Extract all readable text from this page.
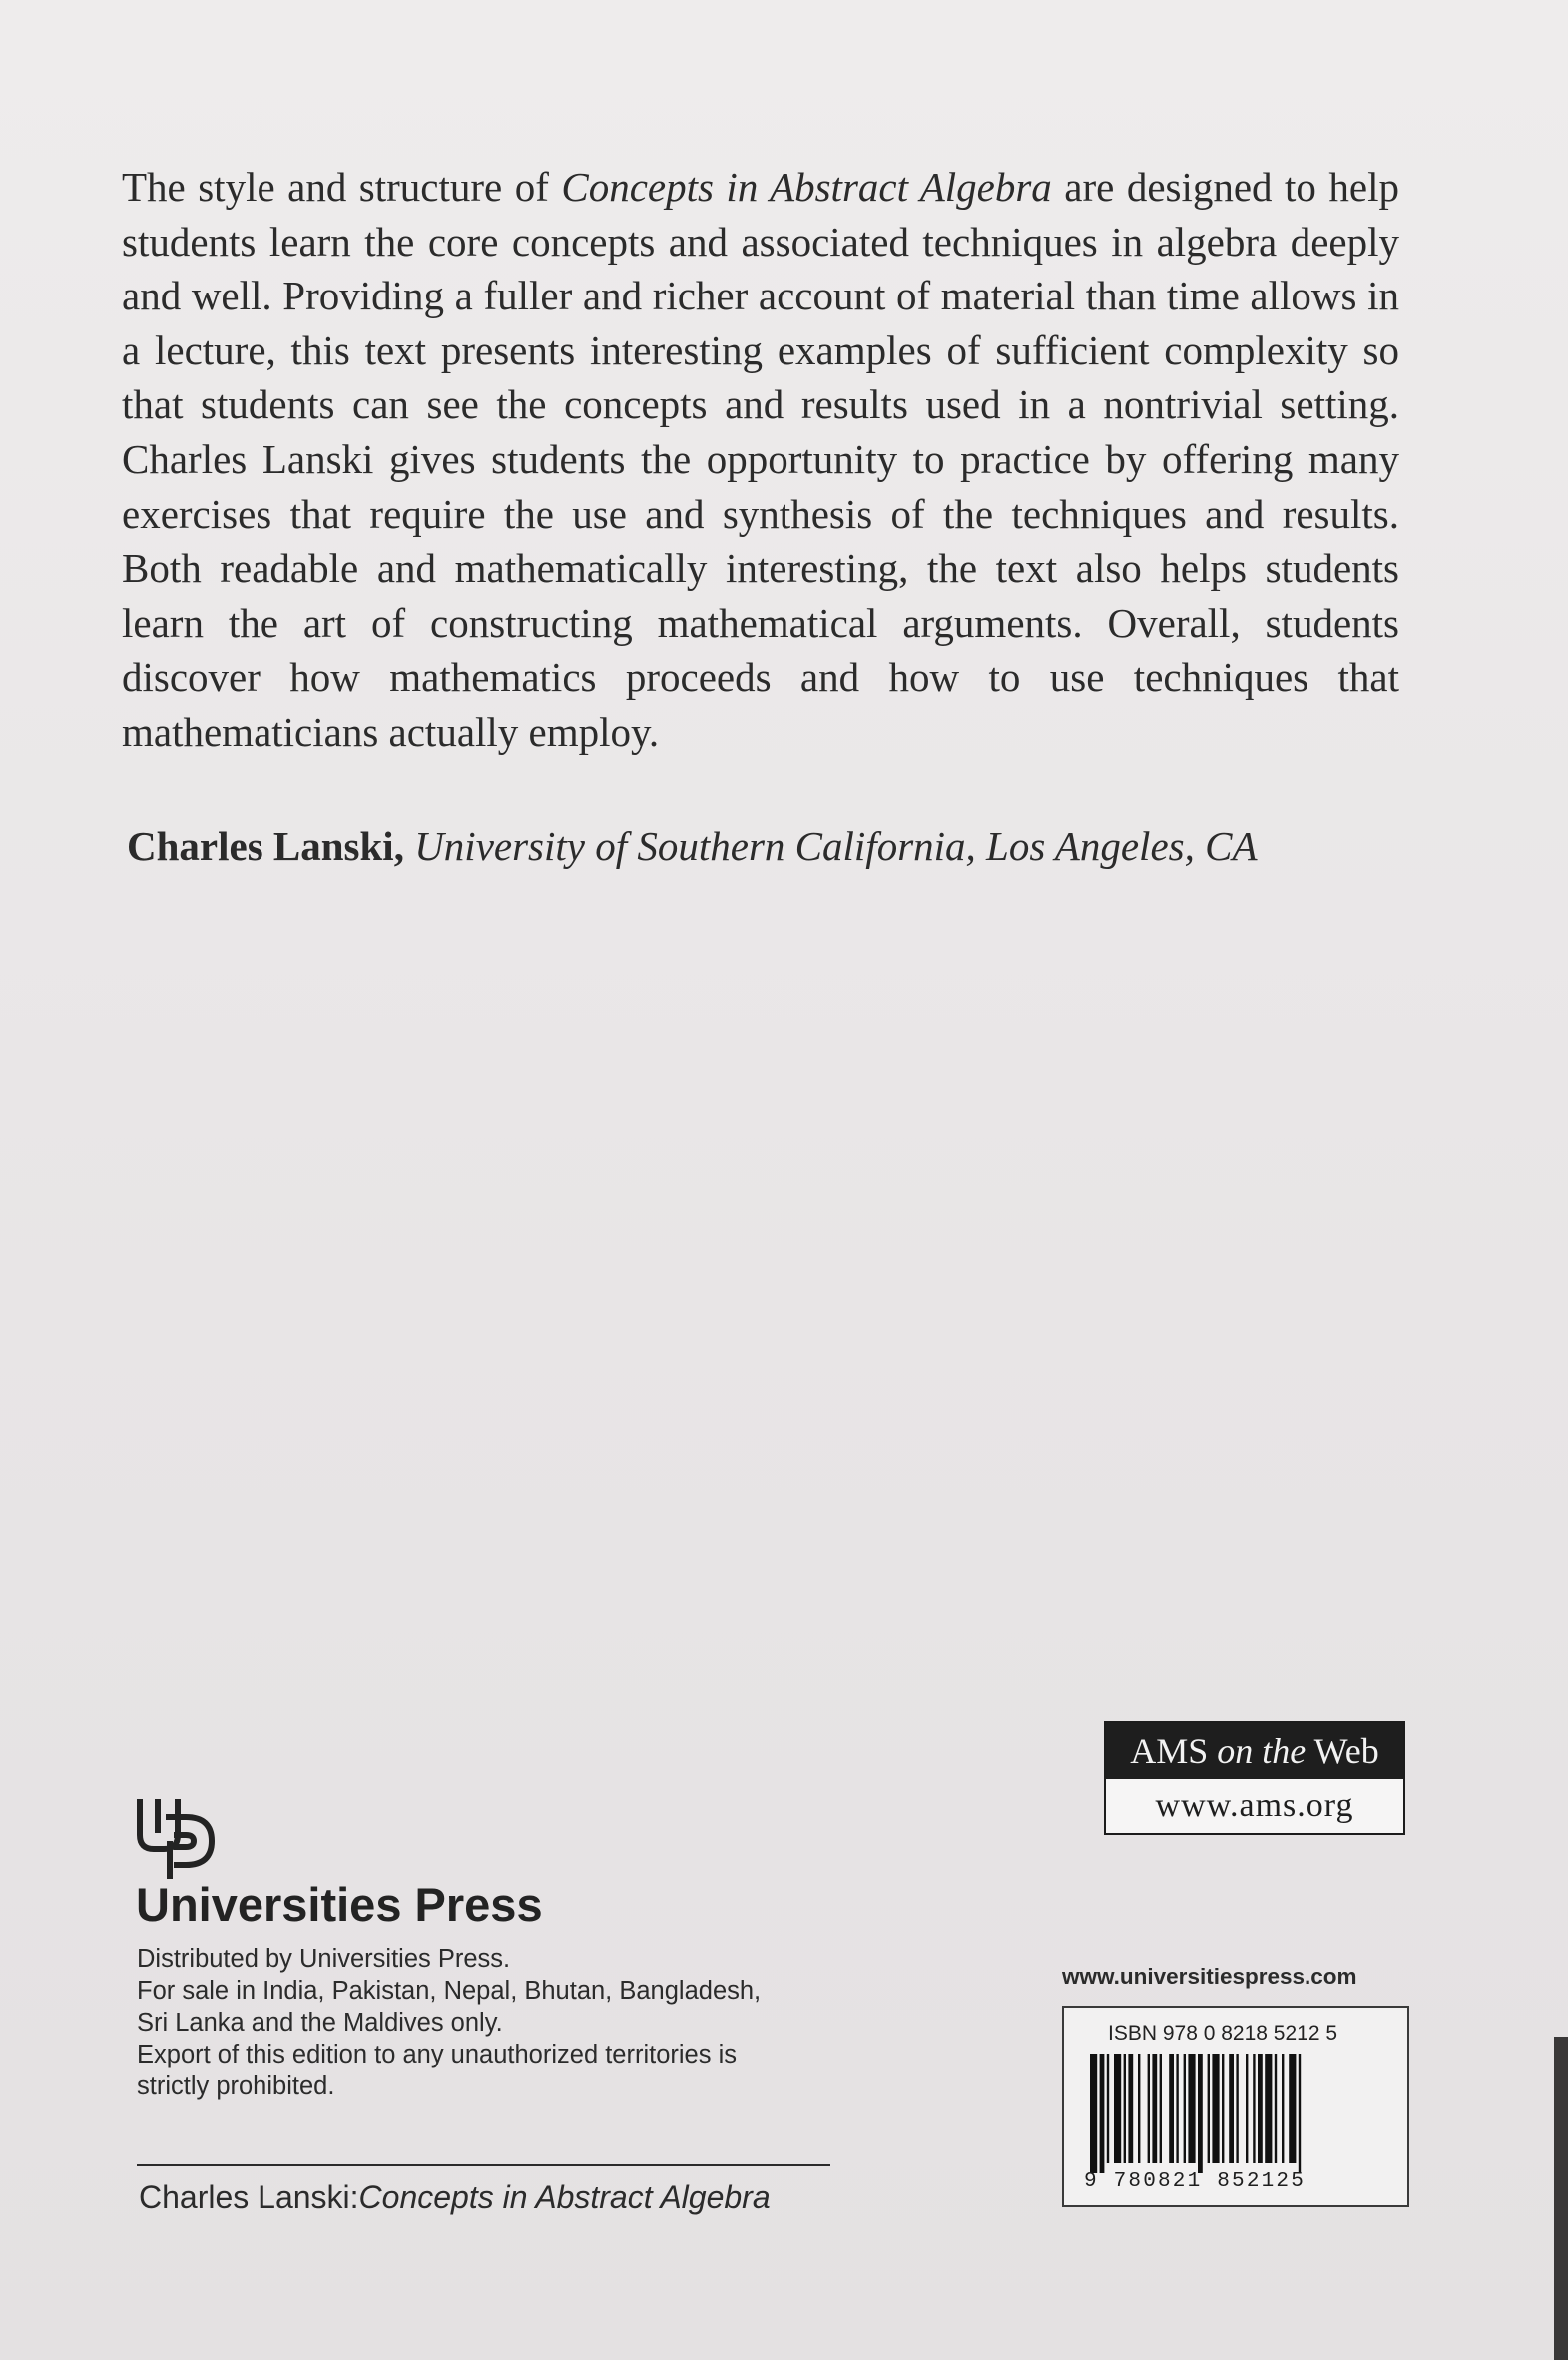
The style and structure of Concepts in Abstract Algebra are designed to help students learn the core concepts and associated techniques in algebra deeply and well. Providing a fuller and richer account of material than time allows in a lecture, this text presents interesting examples of sufficient complexity so that students can see the concepts and results used in a nontrivial setting. Charles Lanski gives students the opportunity to practice by offering many exercises that require the use and synthesis of the techniques and results. Both readable and mathematically interesting, the text also helps students learn the art of constructing mathematical arguments. Overall, students discover how mathematics proceeds and how to use techniques that mathematicians actually employ.

Charles Lanski, University of Southern California, Los Angeles, CA
AMS on the Web
www.ams.org
Universities Press
Distributed by Universities Press.
For sale in India, Pakistan, Nepal, Bhutan, Bangladesh,
Sri Lanka and the Maldives only.
Export of this edition to any unauthorized territories is
strictly prohibited.
Charles Lanski:Concepts in Abstract Algebra
www.universitiespress.com
ISBN 978 0 8218 5212 5
9 780821 852125
